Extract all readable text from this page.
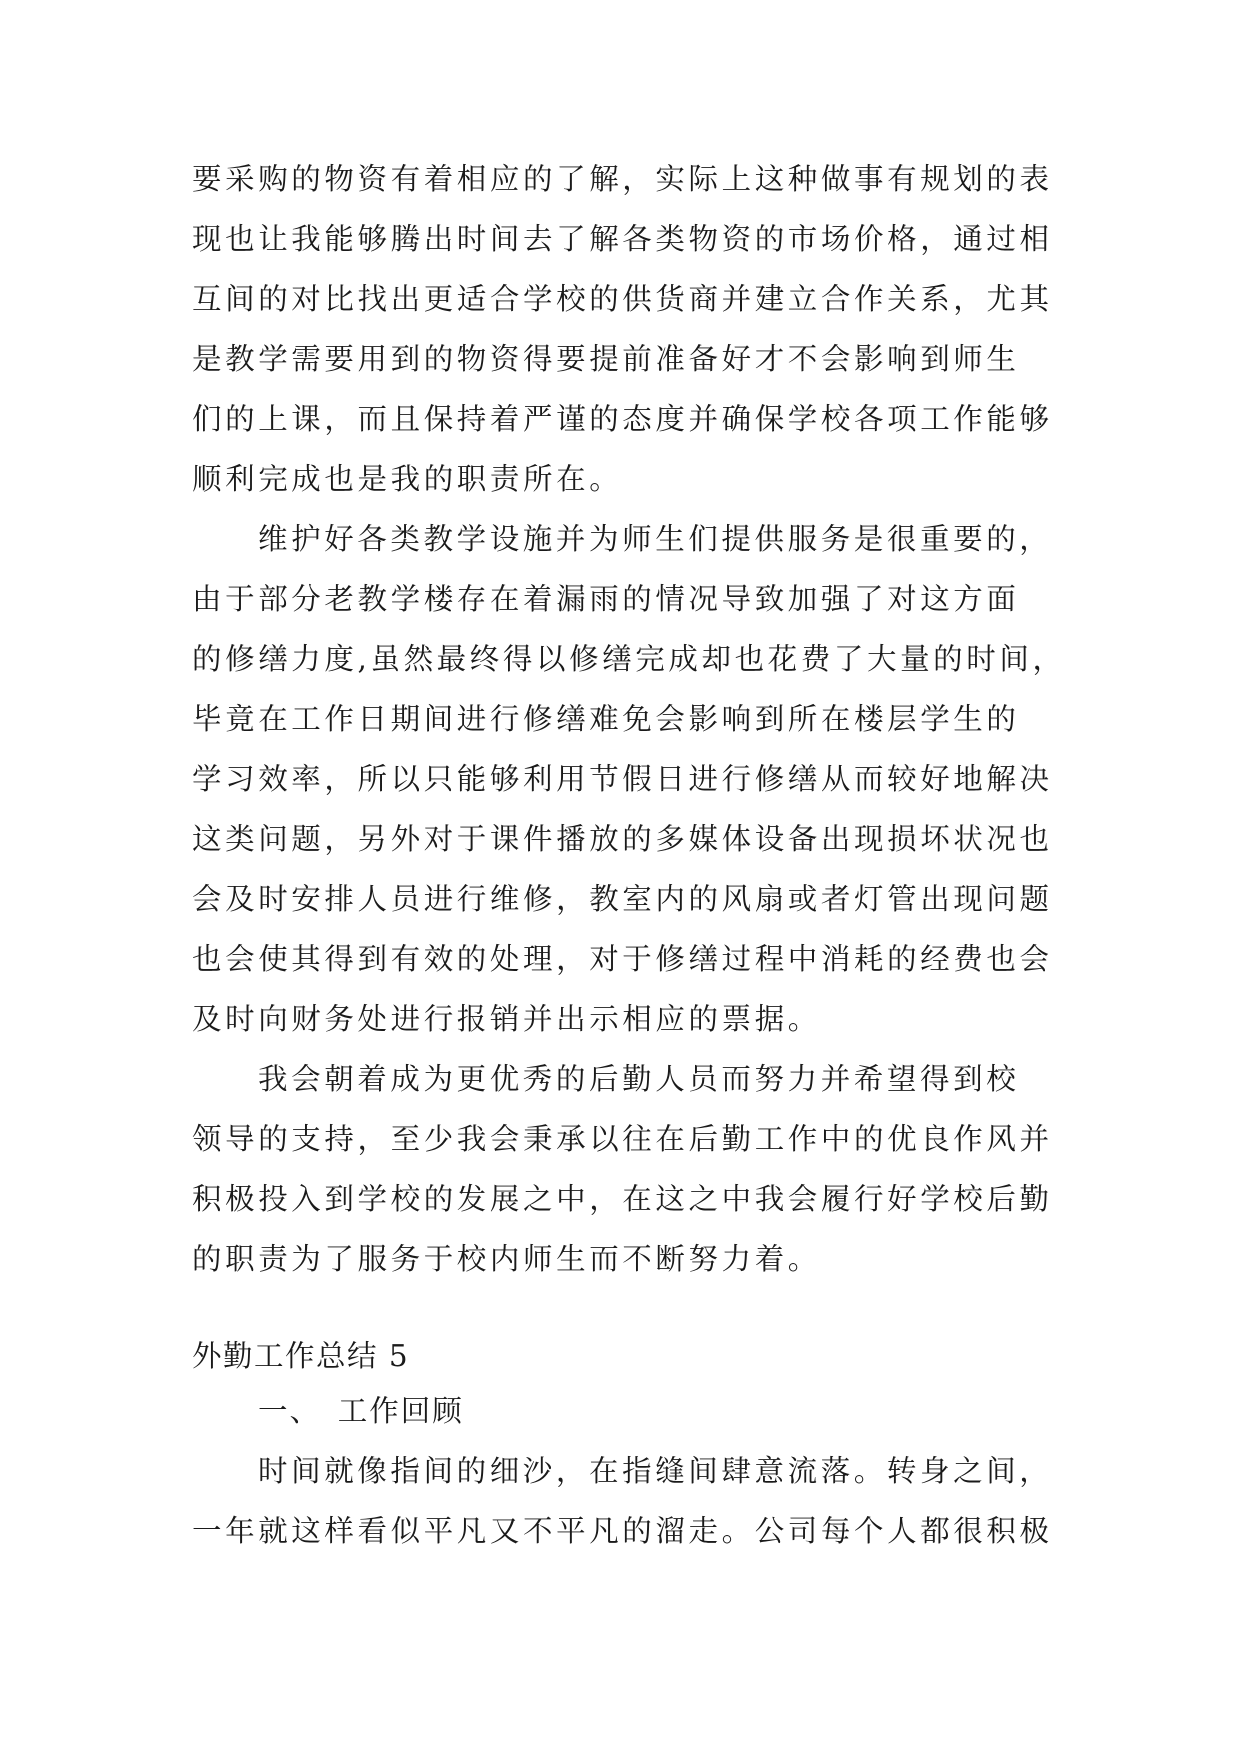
要采购的物资有着相应的了解，实际上这种做事有规划的表
现也让我能够腾出时间去了解各类物资的市场价格，通过相
互间的对比找出更适合学校的供货商并建立合作关系，尤其
是教学需要用到的物资得要提前准备好才不会影响到师生
们的上课，而且保持着严谨的态度并确保学校各项工作能够
顺利完成也是我的职责所在。
维护好各类教学设施并为师生们提供服务是很重要的，
由于部分老教学楼存在着漏雨的情况导致加强了对这方面
的修缮力度,虽然最终得以修缮完成却也花费了大量的时间，
毕竟在工作日期间进行修缮难免会影响到所在楼层学生的
学习效率，所以只能够利用节假日进行修缮从而较好地解决
这类问题，另外对于课件播放的多媒体设备出现损坏状况也
会及时安排人员进行维修，教室内的风扇或者灯管出现问题
也会使其得到有效的处理，对于修缮过程中消耗的经费也会
及时向财务处进行报销并出示相应的票据。
我会朝着成为更优秀的后勤人员而努力并希望得到校
领导的支持，至少我会秉承以往在后勤工作中的优良作风并
积极投入到学校的发展之中，在这之中我会履行好学校后勤
的职责为了服务于校内师生而不断努力着。
外勤工作总结 5
一、　工作回顾
时间就像指间的细沙，在指缝间肆意流落。转身之间，
一年就这样看似平凡又不平凡的溜走。公司每个人都很积极
